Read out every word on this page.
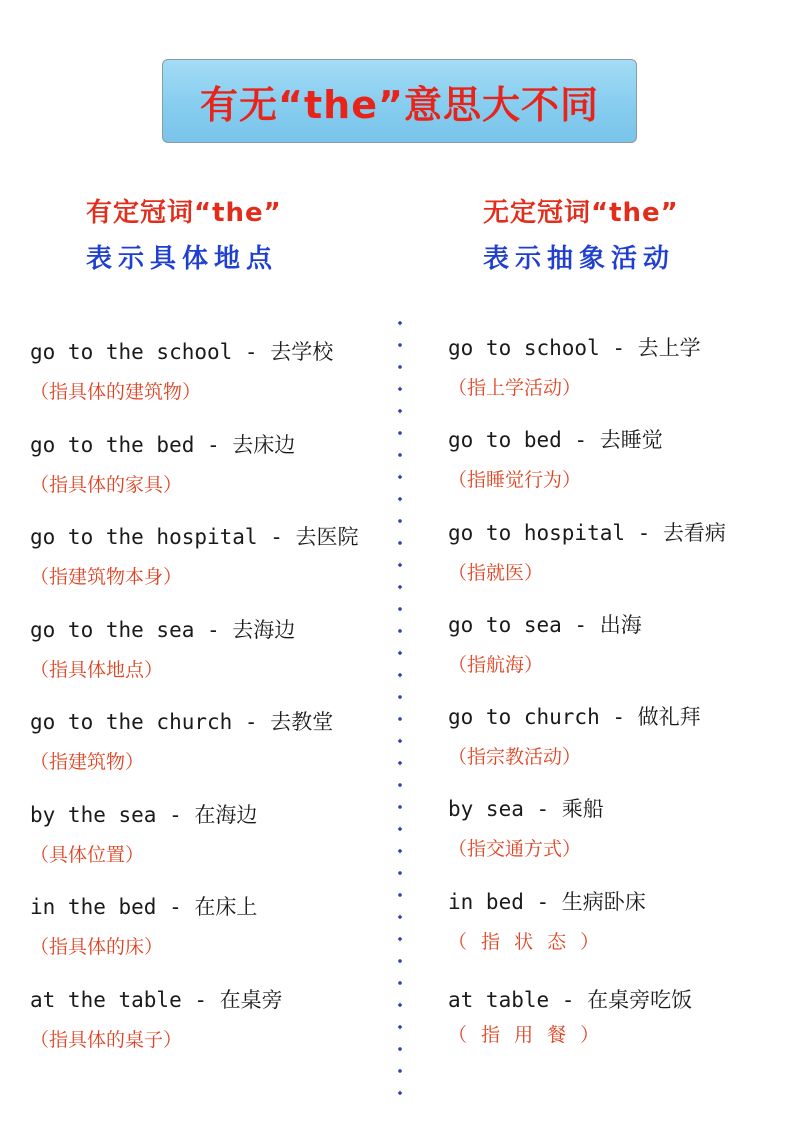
有无“the”意思大不同
有定冠词“the”
表示具体地点
无定冠词“the”
表示抽象活动
go to the school - 去学校
（指具体的建筑物）
go to the bed - 去床边
（指具体的家具）
go to the hospital - 去医院
（指建筑物本身）
go to the sea - 去海边
（指具体地点）
go to the church - 去教堂
（指建筑物）
by the sea - 在海边
（具体位置）
in the bed - 在床上
（指具体的床）
at the table - 在桌旁
（指具体的桌子）
go to school - 去上学
（指上学活动）
go to bed - 去睡觉
（指睡觉行为）
go to hospital - 去看病
（指就医）
go to sea - 出海
（指航海）
go to church - 做礼拜
（指宗教活动）
by sea - 乘船
（指交通方式）
in bed - 生病卧床
（ 指 状 态 ）
at table - 在桌旁吃饭
（ 指 用 餐 ）
